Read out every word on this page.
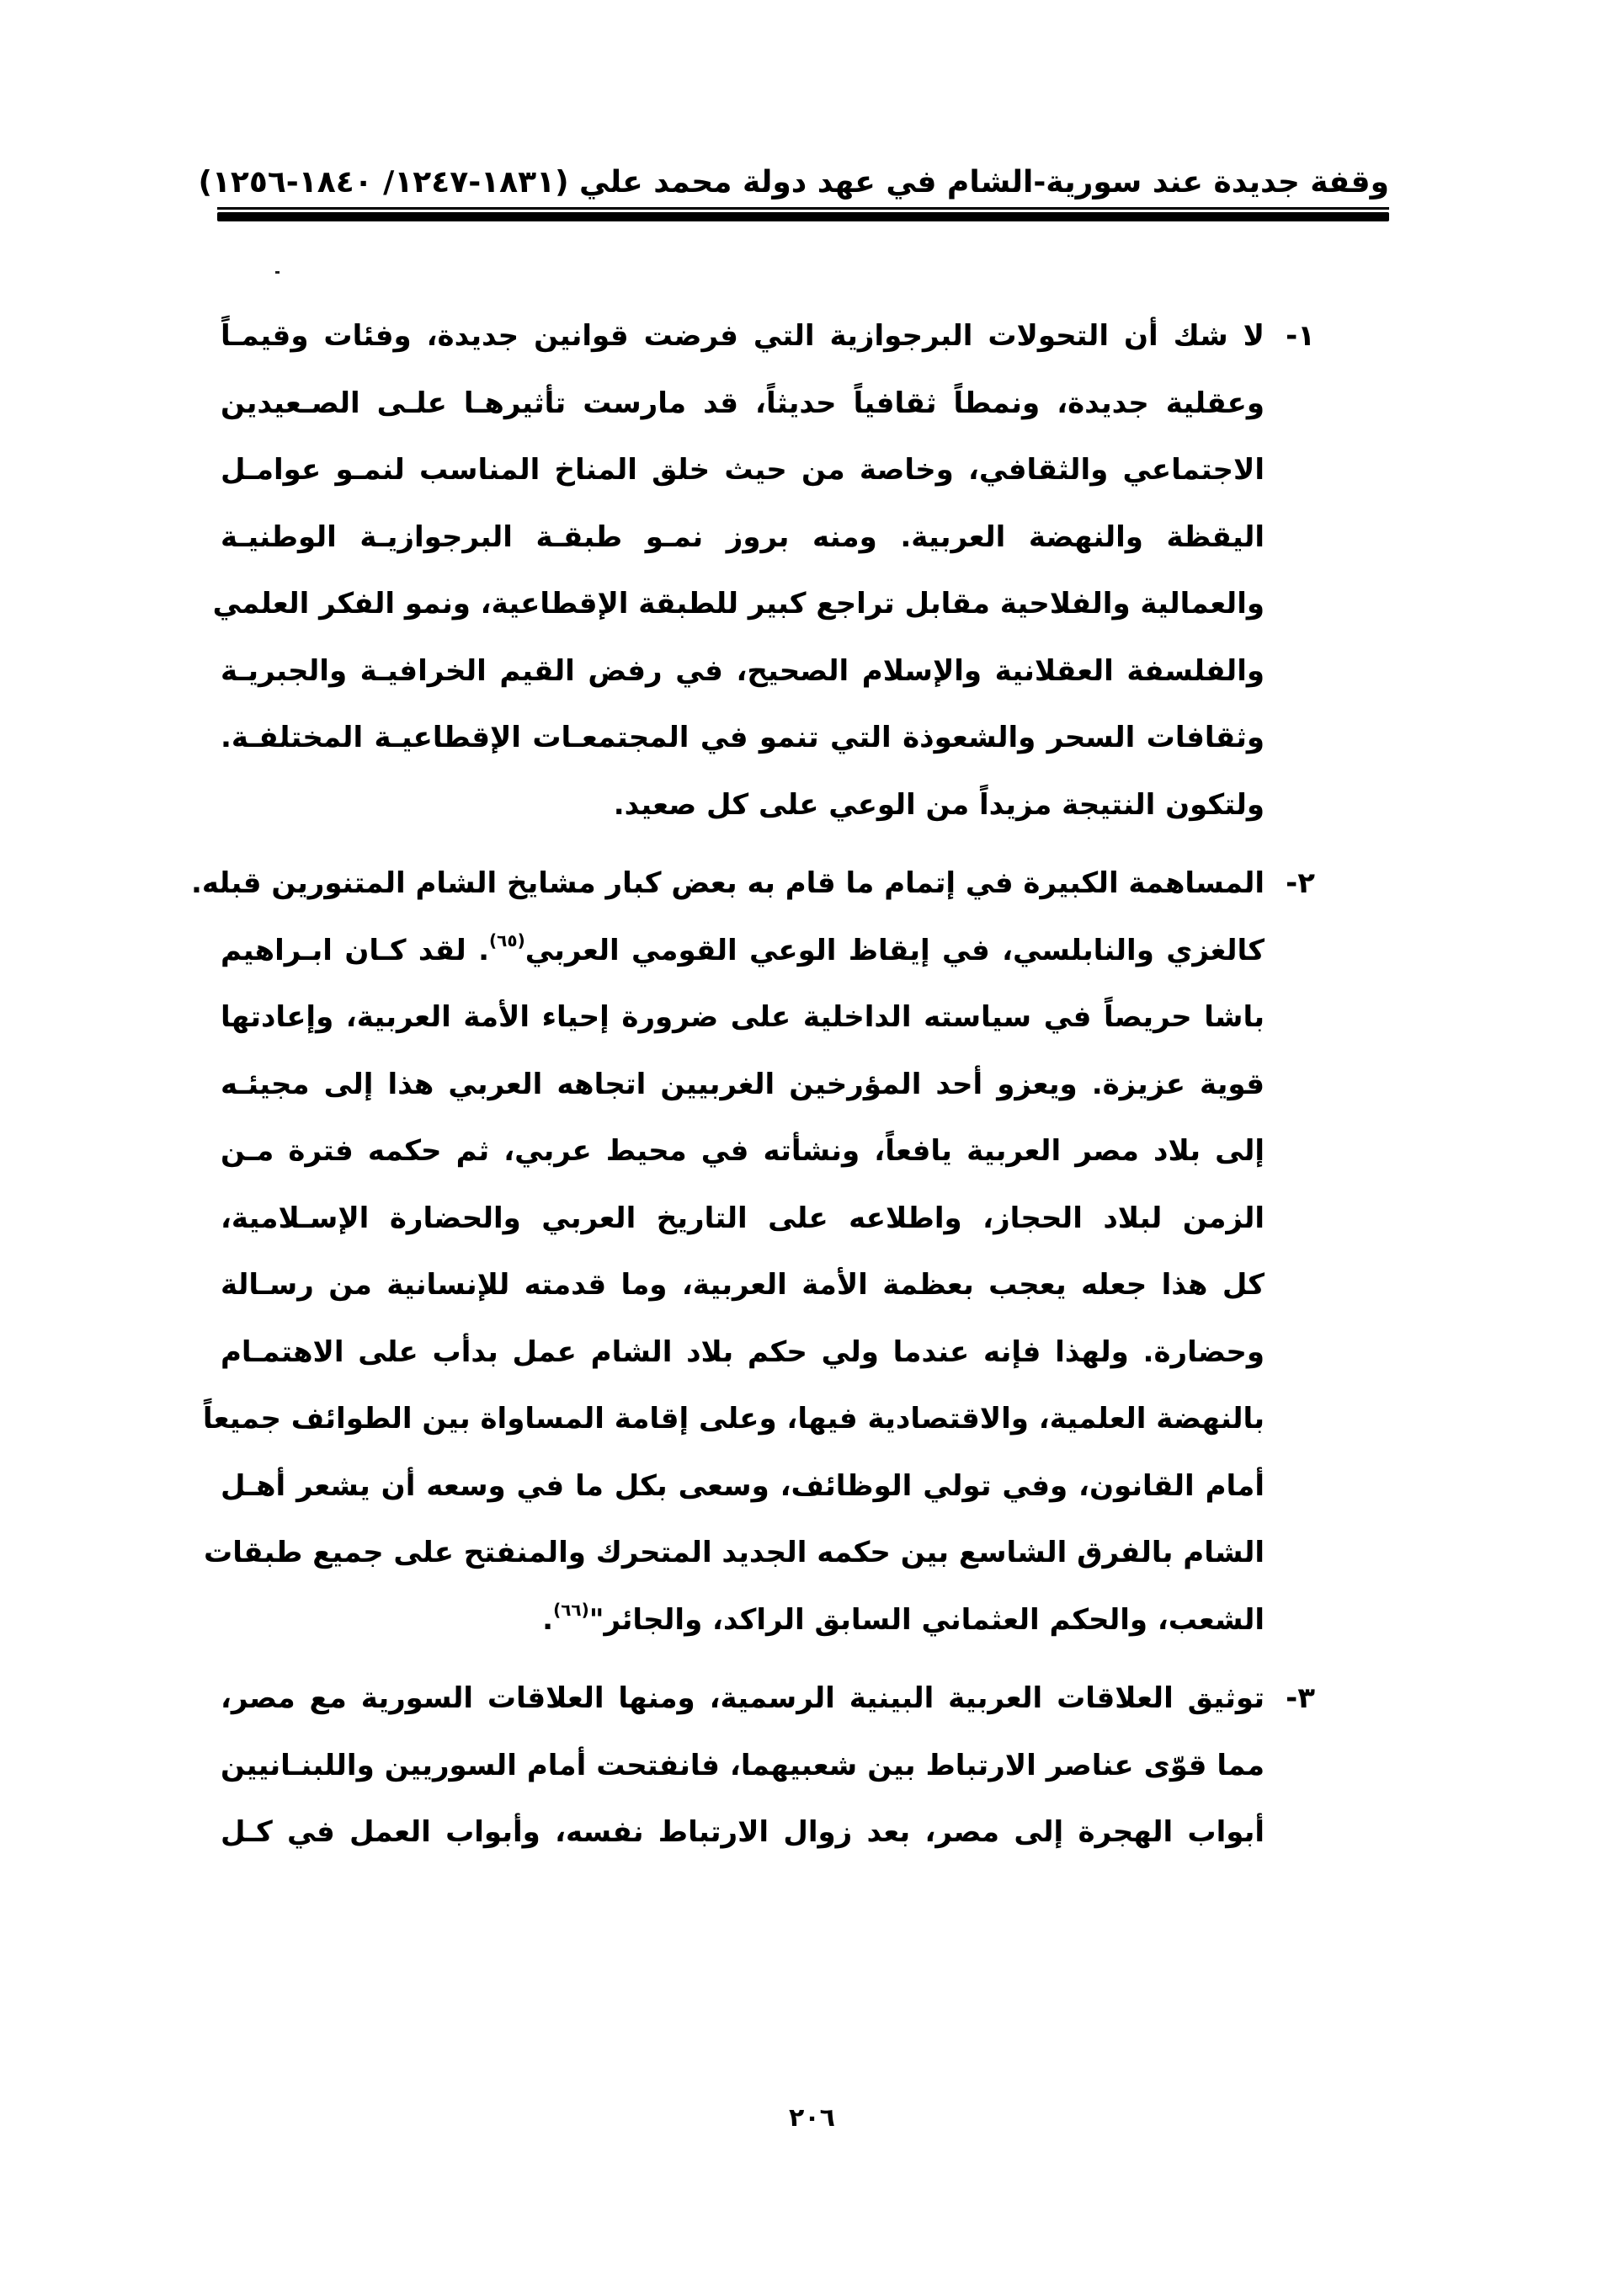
وقفة جديدة عند سورية-الشام في عهد دولة محمد علي (١٨٣١-١٢٤٧/ ١٨٤٠-١٢٥٦)
١-
لا شك أن التحولات البرجوازية التي فرضت قوانين جديدة، وفئات وقيمـاً
وعقلية جديدة، ونمطاً ثقافياً حديثاً، قد مارست تأثيرهـا علـى الصـعيدين
الاجتماعي والثقافي، وخاصة من حيث خلق المناخ المناسب لنمـو عوامـل
اليقظة والنهضة العربية. ومنه بروز نمـو طبقـة البرجوازيـة الوطنيـة
والعمالية والفلاحية مقابل تراجع كبير للطبقة الإقطاعية، ونمو الفكر العلمي
والفلسفة العقلانية والإسلام الصحيح، في رفض القيم الخرافيـة والجبريـة
وثقافات السحر والشعوذة التي تنمو في المجتمعـات الإقطاعيـة المختلفـة.
ولتكون النتيجة مزيداً من الوعي على كل صعيد.
٢-
المساهمة الكبيرة في إتمام ما قام به بعض كبار مشايخ الشام المتنورين قبله.
كالغزي والنابلسي، في إيقاظ الوعي القومي العربي$^{(٦٥)}$. لقد كـان ابـراهيم
باشا حريصاً في سياسته الداخلية على ضرورة إحياء الأمة العربية، وإعادتها
قوية عزيزة. ويعزو أحد المؤرخين الغربيين اتجاهه العربي هذا إلى مجيئـه
إلى بلاد مصر العربية يافعاً، ونشأته في محيط عربي، ثم حكمه فترة مـن
الزمن لبلاد الحجاز، واطلاعه على التاريخ العربي والحضارة الإسـلامية،
كل هذا جعله يعجب بعظمة الأمة العربية، وما قدمته للإنسانية من رسـالة
وحضارة. ولهذا فإنه عندما ولي حكم بلاد الشام عمل بدأب على الاهتمـام
بالنهضة العلمية، والاقتصادية فيها، وعلى إقامة المساواة بين الطوائف جميعاً
أمام القانون، وفي تولي الوظائف، وسعى بكل ما في وسعه أن يشعر أهـل
الشام بالفرق الشاسع بين حكمه الجديد المتحرك والمنفتح على جميع طبقات
الشعب، والحكم العثماني السابق الراكد، والجائر"$^{(٦٦)}$.
٣-
توثيق العلاقات العربية البينية الرسمية، ومنها العلاقات السورية مع مصر،
مما قوّى عناصر الارتباط بين شعبيهما، فانفتحت أمام السوريين واللبنـانيين
أبواب الهجرة إلى مصر، بعد زوال الارتباط نفسه، وأبواب العمل في كـل
٢٠٦
